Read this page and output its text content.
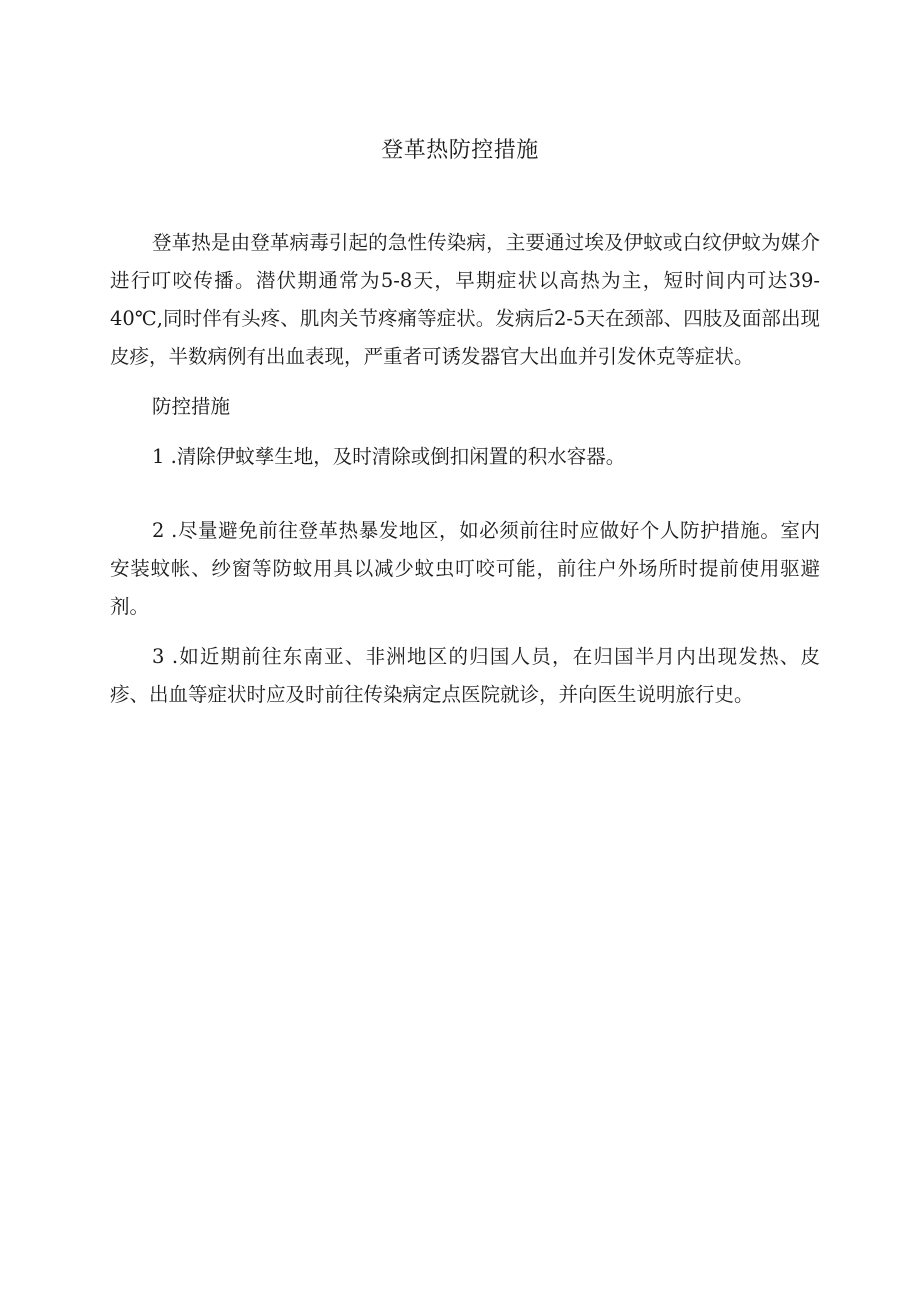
登革热防控措施

登革热是由登革病毒引起的急性传染病，主要通过埃及伊蚊或白纹伊蚊为媒介进行叮咬传播。潜伏期通常为5-8天，早期症状以高热为主，短时间内可达39-40℃,同时伴有头疼、肌肉关节疼痛等症状。发病后2-5天在颈部、四肢及面部出现皮疹，半数病例有出血表现，严重者可诱发器官大出血并引发休克等症状。

防控措施

1 .清除伊蚊孳生地，及时清除或倒扣闲置的积水容器。

2 .尽量避免前往登革热暴发地区，如必须前往时应做好个人防护措施。室内安装蚊帐、纱窗等防蚊用具以减少蚊虫叮咬可能，前往户外场所时提前使用驱避剂。

3 .如近期前往东南亚、非洲地区的归国人员，在归国半月内出现发热、皮疹、出血等症状时应及时前往传染病定点医院就诊，并向医生说明旅行史。
